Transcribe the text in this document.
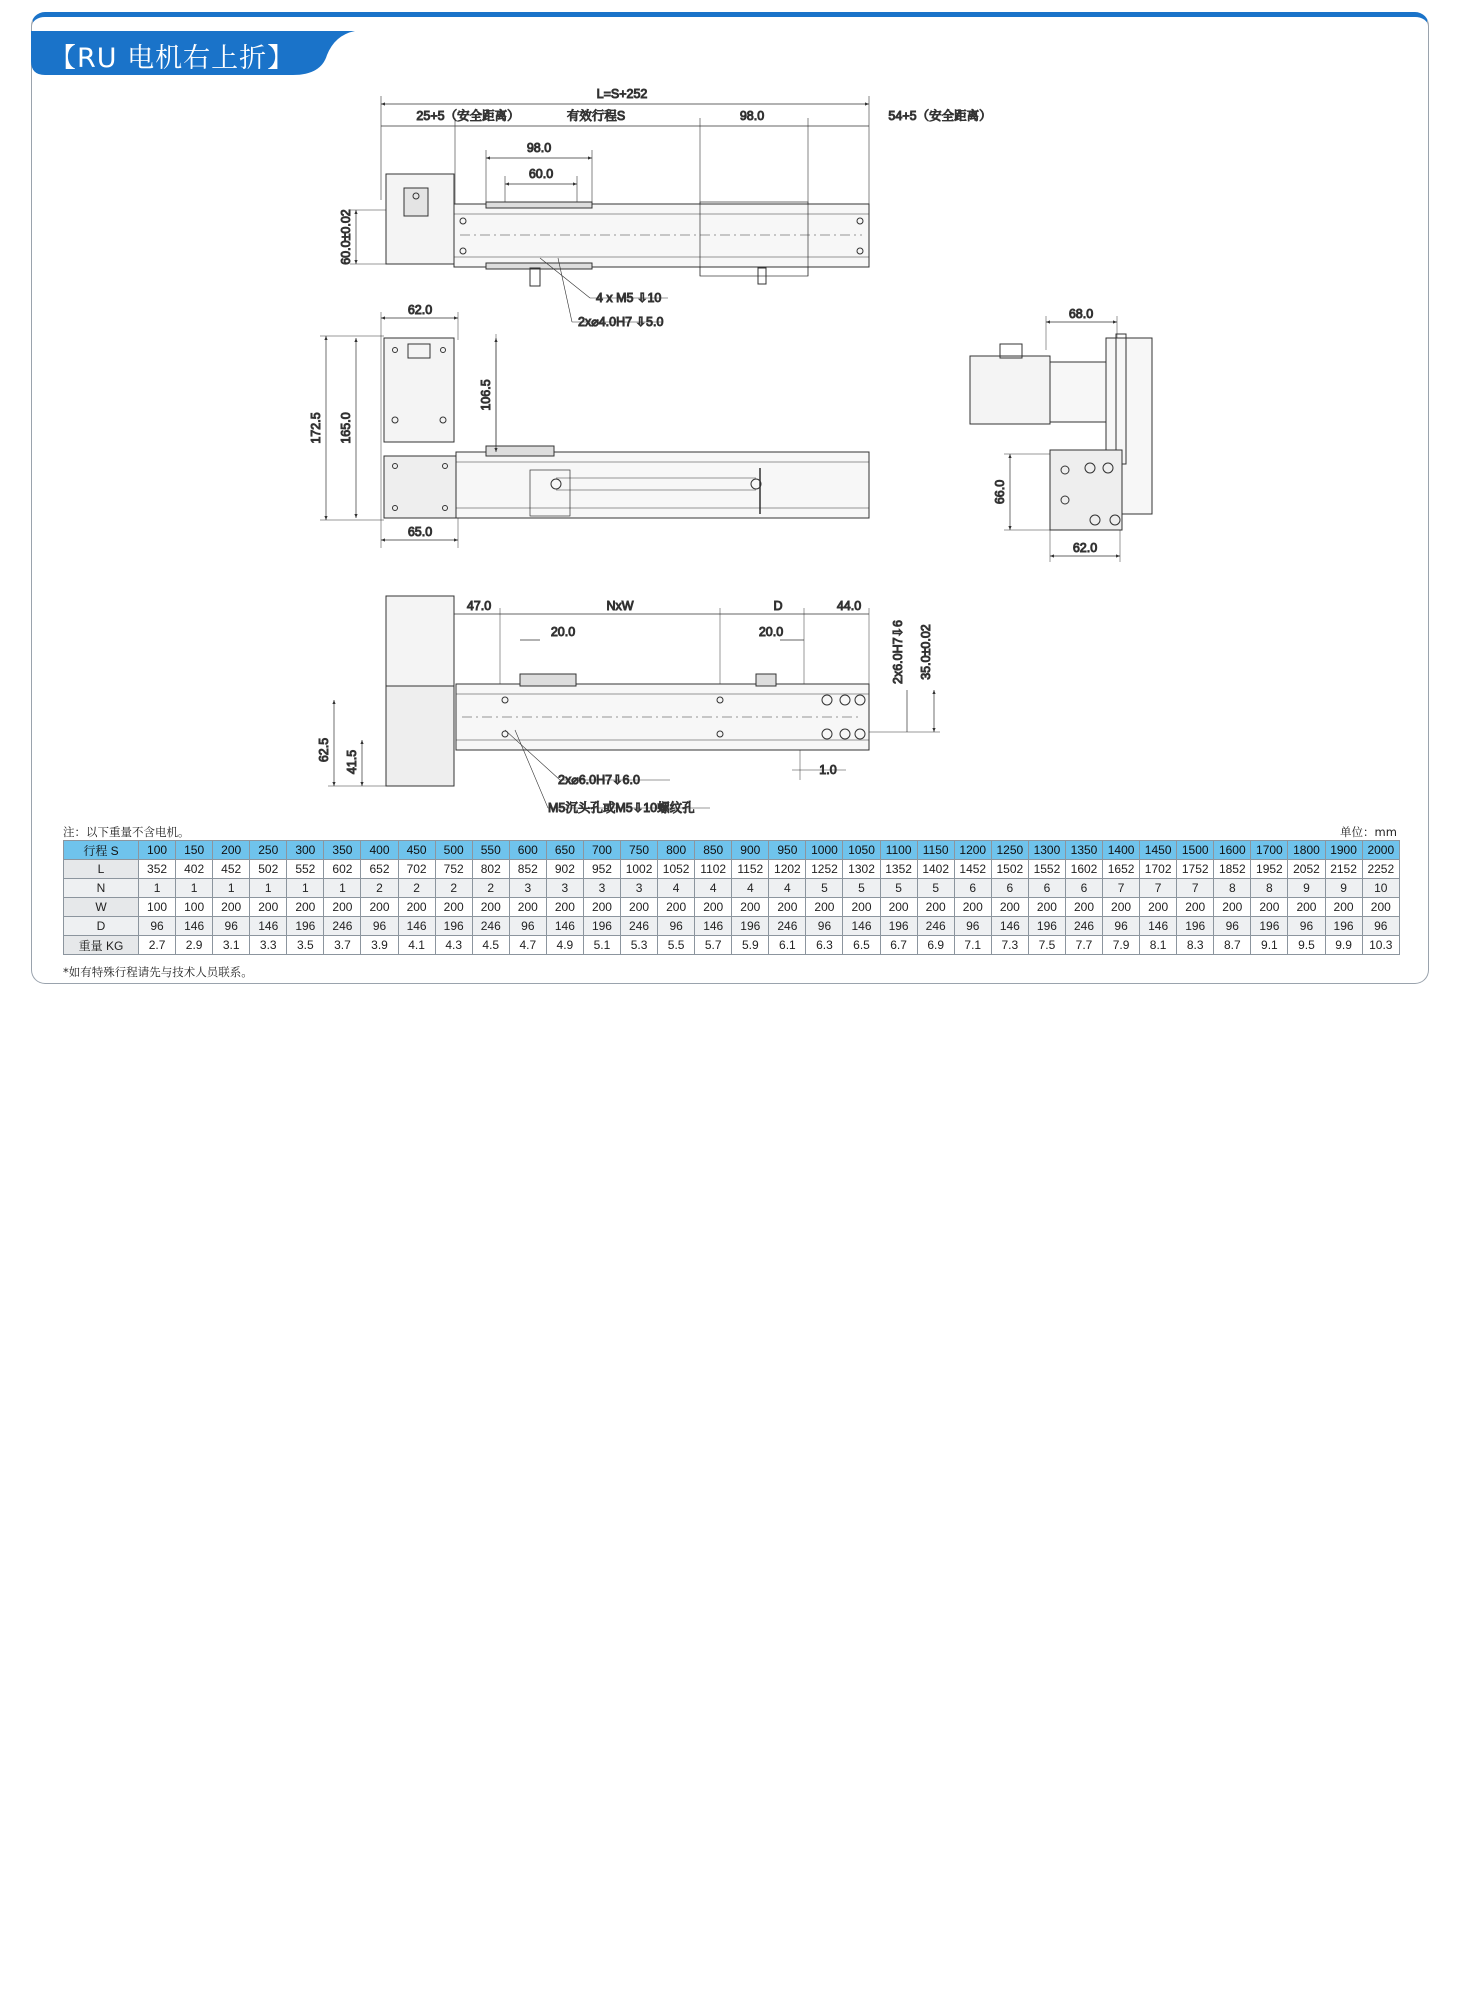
【RU 电机右上折】
L=S+252
25+5（安全距离）	有效行程S	98.0	54+5（安全距离）
98.0
60.0
60.0±0.02
4 x M5 ⇩10
2x⌀4.0H7 ⇩5.0
62.0
172.5 165.0
106.5
65.0
68.0
66.0
62.0
47.0	NxW	D	44.0
20.0	20.0	2x6.0H7⇩6 35.0±0.02
62.5 41.5
2x⌀6.0H7⇩6.0
1.0
M5沉头孔或M5⇩10螺纹孔
注：以下重量不含电机。	单位：mm
行程 S	100	150	200	250	300	350	400	450	500	550	600	650	700	750	800	850	900	950	1000	1050	1100	1150	1200	1250	1300	1350	1400	1450	1500	1600	1700	1800	1900	2000
L	352	402	452	502	552	602	652	702	752	802	852	902	952	1002	1052	1102	1152	1202	1252	1302	1352	1402	1452	1502	1552	1602	1652	1702	1752	1852	1952	2052	2152	2252
N	1	1	1	1	1	1	2	2	2	2	3	3	3	3	4	4	4	4	5	5	5	5	6	6	6	6	7	7	7	8	8	9	9	10
W	100	100	200	200	200	200	200	200	200	200	200	200	200	200	200	200	200	200	200	200	200	200	200	200	200	200	200	200	200	200	200	200	200	200
D	96	146	96	146	196	246	96	146	196	246	96	146	196	246	96	146	196	246	96	146	196	246	96	146	196	246	96	146	196	96	196	96	196	96
重量 KG	2.7	2.9	3.1	3.3	3.5	3.7	3.9	4.1	4.3	4.5	4.7	4.9	5.1	5.3	5.5	5.7	5.9	6.1	6.3	6.5	6.7	6.9	7.1	7.3	7.5	7.7	7.9	8.1	8.3	8.7	9.1	9.5	9.9	10.3
*如有特殊行程请先与技术人员联系。
